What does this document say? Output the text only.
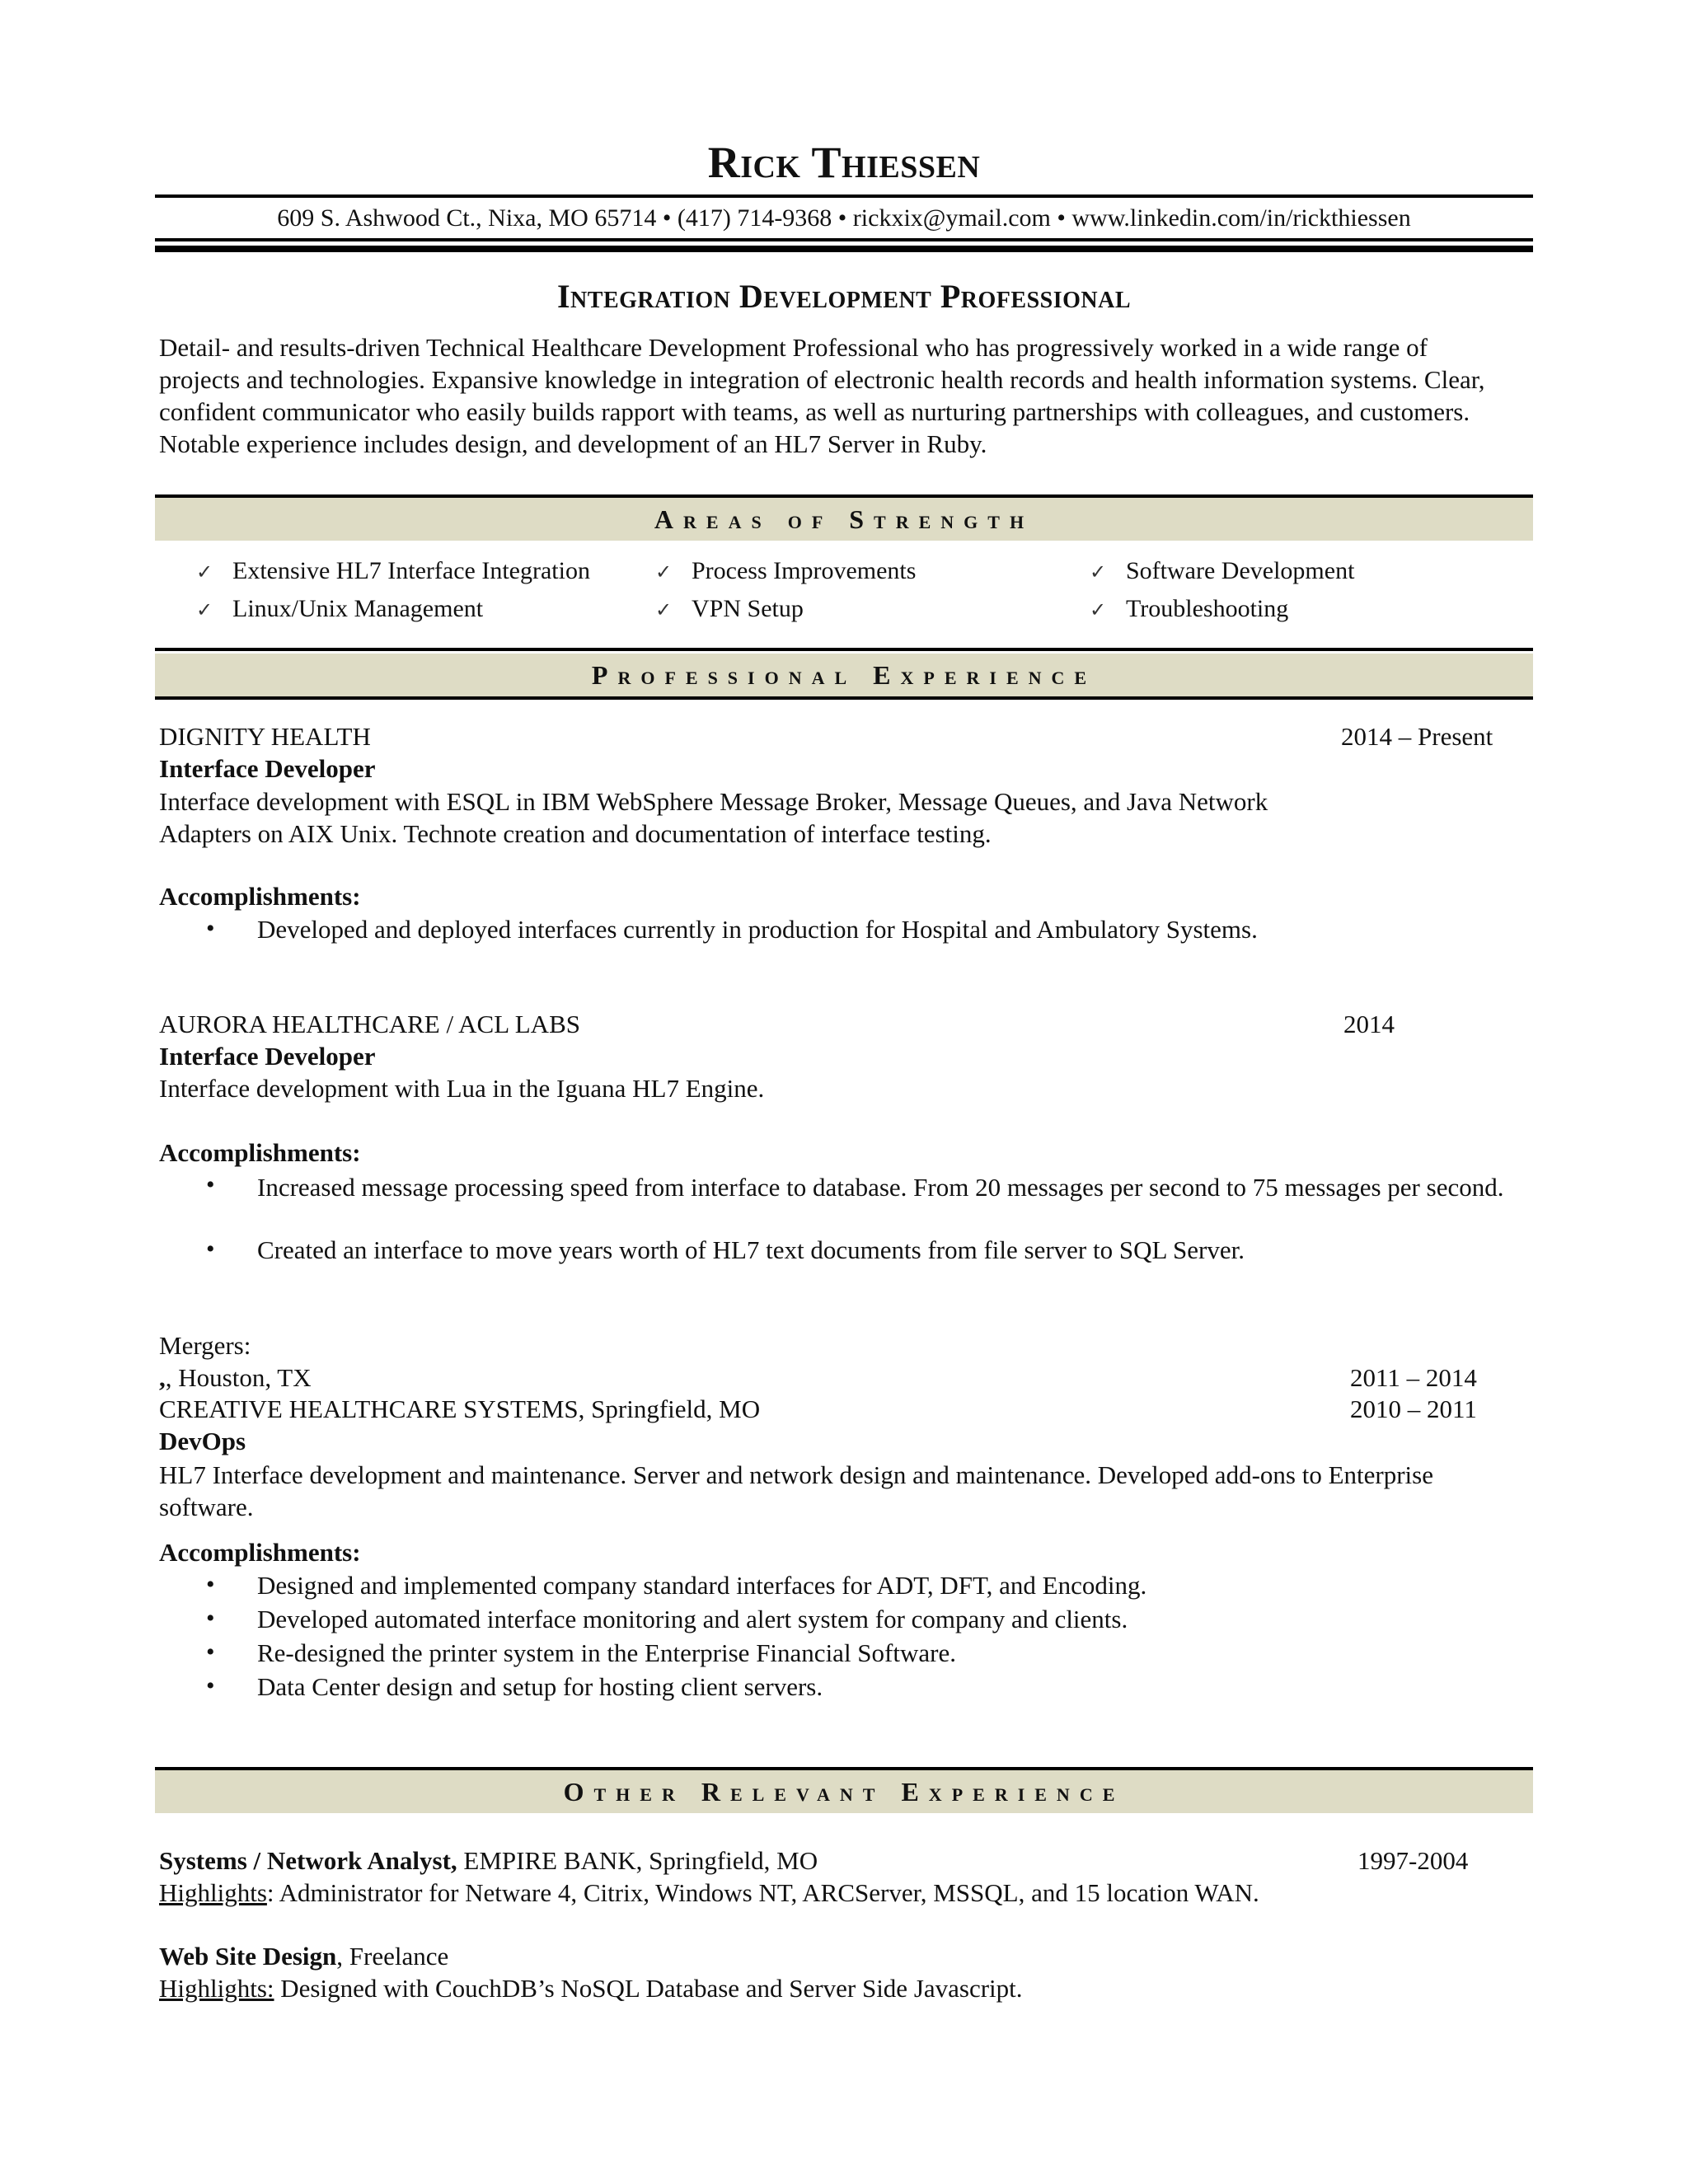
Rick Thiessen
609 S. Ashwood Ct., Nixa, MO 65714 • (417) 714-9368 • rickxix@ymail.com • www.linkedin.com/in/rickthiessen
Integration Development Professional
Detail- and results-driven Technical Healthcare Development Professional who has progressively worked in a wide range of projects and technologies. Expansive knowledge in integration of electronic health records and health information systems. Clear, confident communicator who easily builds rapport with teams, as well as nurturing partnerships with colleagues, and customers. Notable experience includes design, and development of an HL7 Server in Ruby.
Areas of Strength
✓ Extensive HL7 Interface Integration	✓ Process Improvements	✓ Software Development
✓ Linux/Unix Management	✓ VPN Setup	✓ Troubleshooting
Professional Experience
DIGNITY HEALTH	2014 – Present
Interface Developer
Interface development with ESQL in IBM WebSphere Message Broker, Message Queues, and Java Network Adapters on AIX Unix. Technote creation and documentation of interface testing.
Accomplishments:
• Developed and deployed interfaces currently in production for Hospital and Ambulatory Systems.
AURORA HEALTHCARE / ACL LABS	2014
Interface Developer
Interface development with Lua in the Iguana HL7 Engine.
Accomplishments:
• Increased message processing speed from interface to database. From 20 messages per second to 75 messages per second.
• Created an interface to move years worth of HL7 text documents from file server to SQL Server.
Mergers:
,, Houston, TX	2011 – 2014
CREATIVE HEALTHCARE SYSTEMS, Springfield, MO	2010 – 2011
DevOps
HL7 Interface development and maintenance. Server and network design and maintenance. Developed add-ons to Enterprise software.
Accomplishments:
• Designed and implemented company standard interfaces for ADT, DFT, and Encoding.
• Developed automated interface monitoring and alert system for company and clients.
• Re-designed the printer system in the Enterprise Financial Software.
• Data Center design and setup for hosting client servers.
Other Relevant Experience
Systems / Network Analyst, EMPIRE BANK, Springfield, MO	1997-2004
Highlights: Administrator for Netware 4, Citrix, Windows NT, ARCServer, MSSQL, and 15 location WAN.
Web Site Design, Freelance
Highlights: Designed with CouchDB’s NoSQL Database and Server Side Javascript.
